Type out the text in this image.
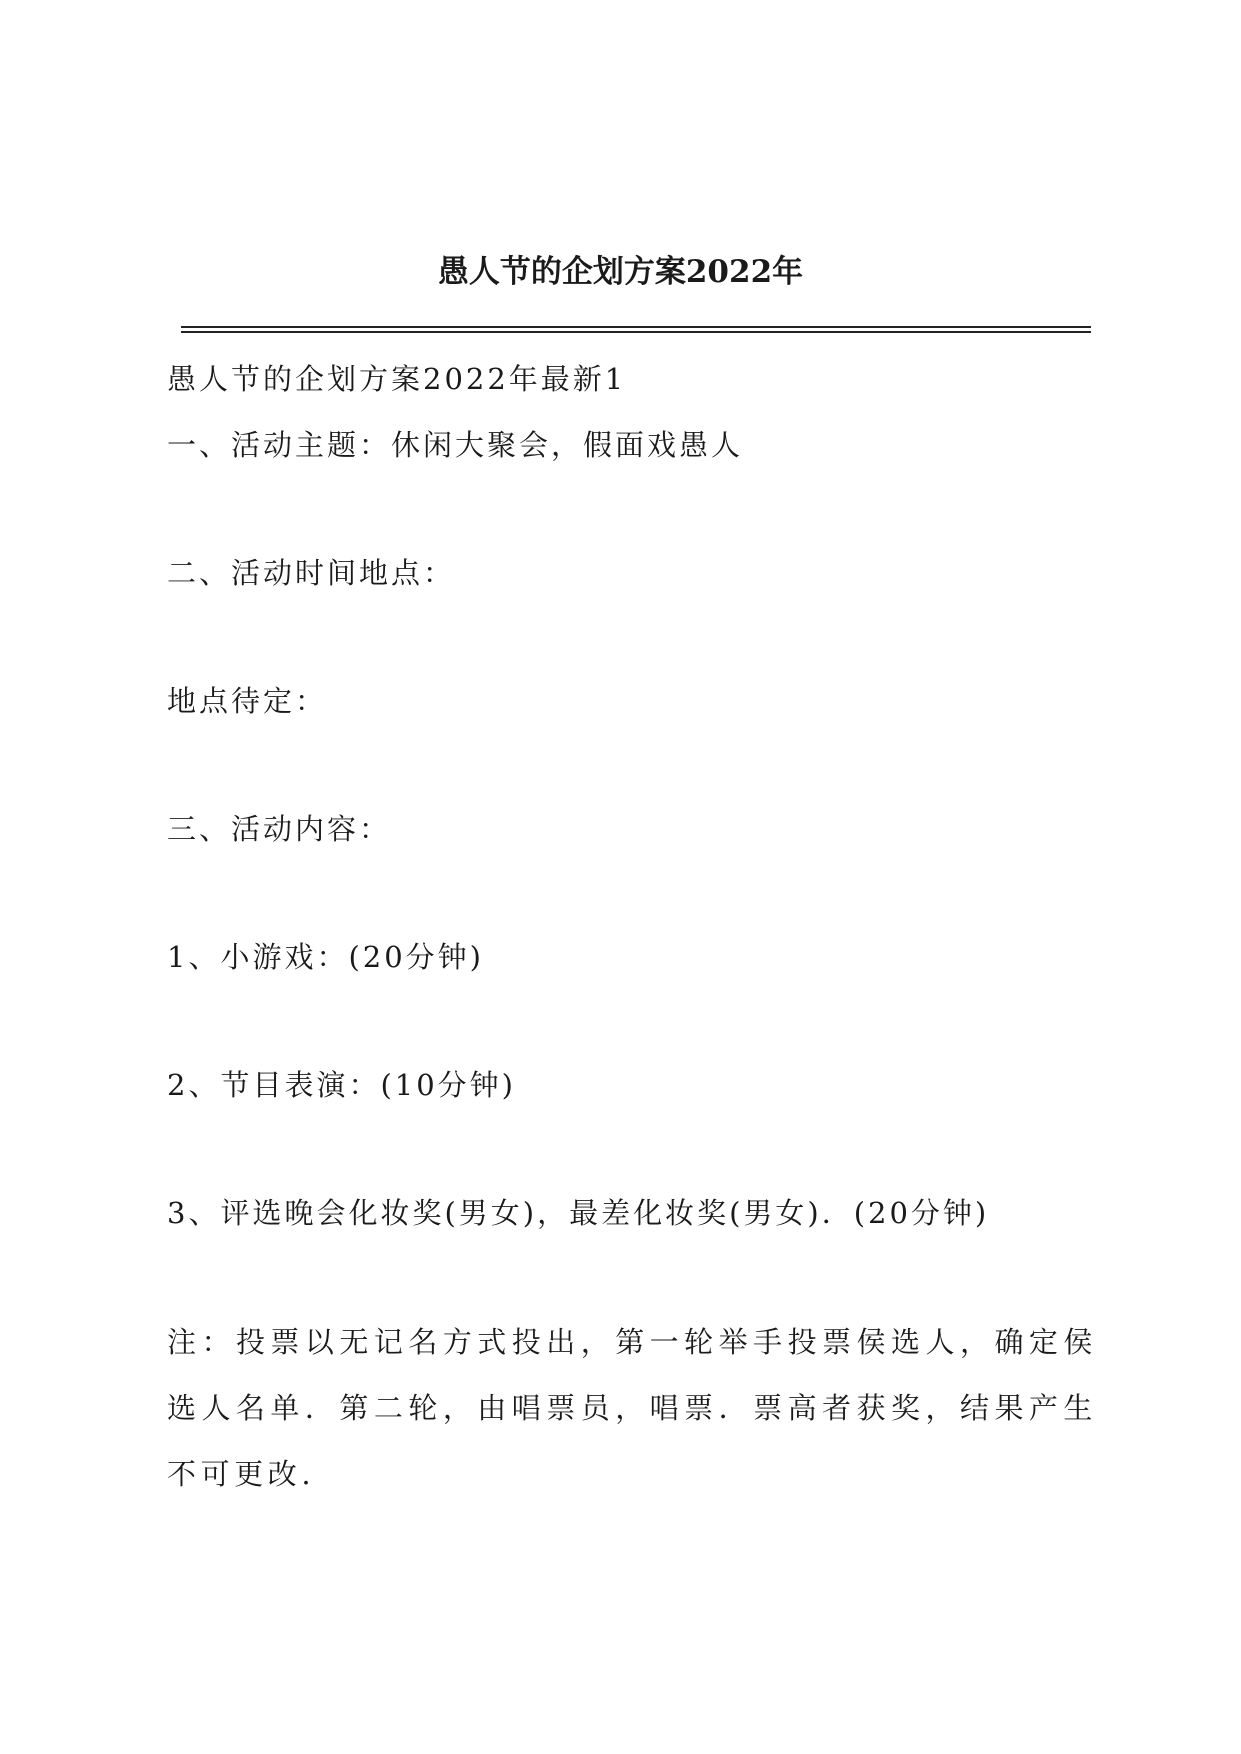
愚人节的企划方案2022年

愚人节的企划方案2022年最新1

一、活动主题：休闲大聚会，假面戏愚人

二、活动时间地点：

地点待定：

三、活动内容：

1、小游戏：(20分钟)

2、节目表演：(10分钟)

3、评选晚会化妆奖(男女)，最差化妆奖(男女)．(20分钟)

注：投票以无记名方式投出，第一轮举手投票侯选人，确定侯选人名单．第二轮，由唱票员，唱票．票高者获奖，结果产生不可更改.
